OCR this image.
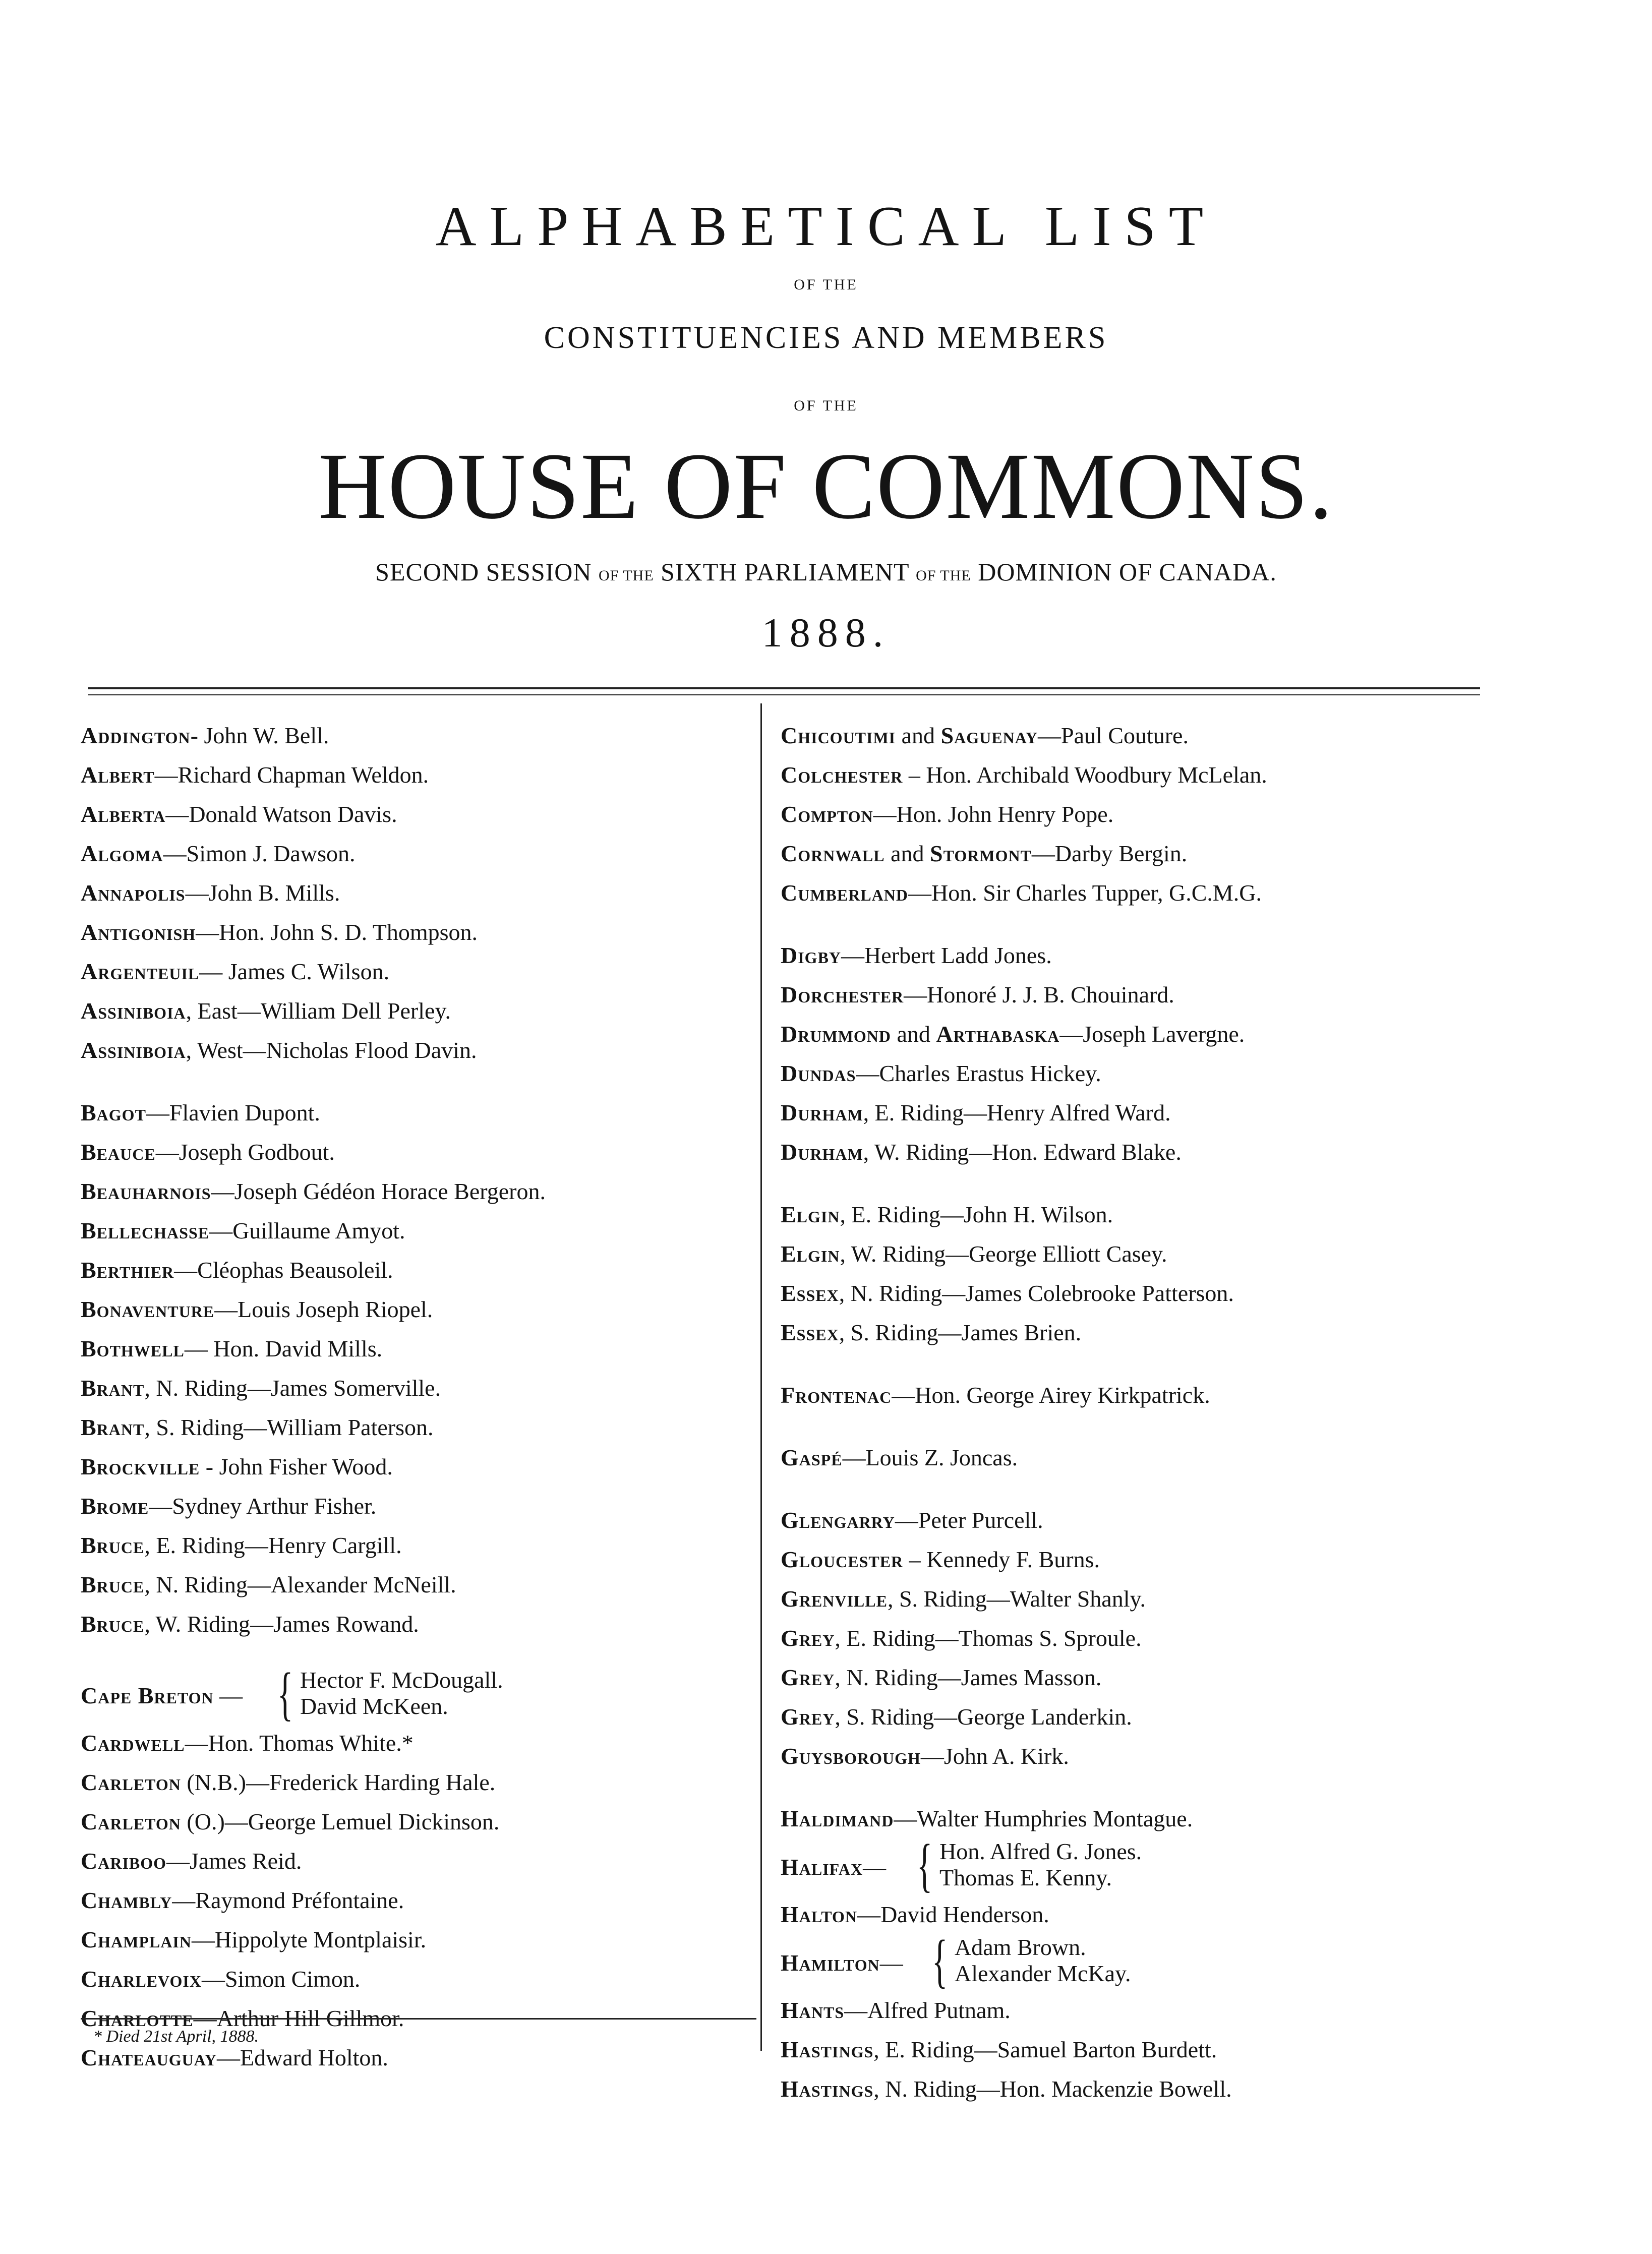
ALPHABETICAL LIST
OF THE
CONSTITUENCIES AND MEMBERS
OF THE
HOUSE OF COMMONS.
SECOND SESSION OF THE SIXTH PARLIAMENT OF THE DOMINION OF CANADA.
1888.
Addington- John W. Bell.
Albert—Richard Chapman Weldon.
Alberta—Donald Watson Davis.
Algoma—Simon J. Dawson.
Annapolis—John B. Mills.
Antigonish—Hon. John S. D. Thompson.
Argenteuil— James C. Wilson.
Assiniboia, East—William Dell Perley.
Assiniboia, West—Nicholas Flood Davin.
Bagot—Flavien Dupont.
Beauce—Joseph Godbout.
Beauharnois—Joseph Gédéon Horace Bergeron.
Bellechasse—Guillaume Amyot.
Berthier—Cléophas Beausoleil.
Bonaventure—Louis Joseph Riopel.
Bothwell— Hon. David Mills.
Brant, N. Riding—James Somerville.
Brant, S. Riding—William Paterson.
Brockville - John Fisher Wood.
Brome—Sydney Arthur Fisher.
Bruce, E. Riding—Henry Cargill.
Bruce, N. Riding—Alexander McNeill.
Bruce, W. Riding—James Rowand.
Cape Breton — { Hector F. McDougall.
David McKeen.
Cardwell—Hon. Thomas White.*
Carleton (N.B.)—Frederick Harding Hale.
Carleton (O.)—George Lemuel Dickinson.
Cariboo—James Reid.
Chambly—Raymond Préfontaine.
Champlain—Hippolyte Montplaisir.
Charlevoix—Simon Cimon.
Charlotte—Arthur Hill Gillmor.
Chateauguay—Edward Holton.
Chicoutimi and Saguenay—Paul Couture.
Colchester – Hon. Archibald Woodbury McLelan.
Compton—Hon. John Henry Pope.
Cornwall and Stormont—Darby Bergin.
Cumberland—Hon. Sir Charles Tupper, G.C.M.G.
Digby—Herbert Ladd Jones.
Dorchester—Honoré J. J. B. Chouinard.
Drummond and Arthabaska—Joseph Lavergne.
Dundas—Charles Erastus Hickey.
Durham, E. Riding—Henry Alfred Ward.
Durham, W. Riding—Hon. Edward Blake.
Elgin, E. Riding—John H. Wilson.
Elgin, W. Riding—George Elliott Casey.
Essex, N. Riding—James Colebrooke Patterson.
Essex, S. Riding—James Brien.
Frontenac—Hon. George Airey Kirkpatrick.
Gaspé—Louis Z. Joncas.
Glengarry—Peter Purcell.
Gloucester – Kennedy F. Burns.
Grenville, S. Riding—Walter Shanly.
Grey, E. Riding—Thomas S. Sproule.
Grey, N. Riding—James Masson.
Grey, S. Riding—George Landerkin.
Guysborough—John A. Kirk.
Haldimand—Walter Humphries Montague.
Halifax— { Hon. Alfred G. Jones.
Thomas E. Kenny.
Halton—David Henderson.
Hamilton— { Adam Brown.
Alexander McKay.
Hants—Alfred Putnam.
Hastings, E. Riding—Samuel Barton Burdett.
Hastings, N. Riding—Hon. Mackenzie Bowell.
* Died 21st April, 1888.
